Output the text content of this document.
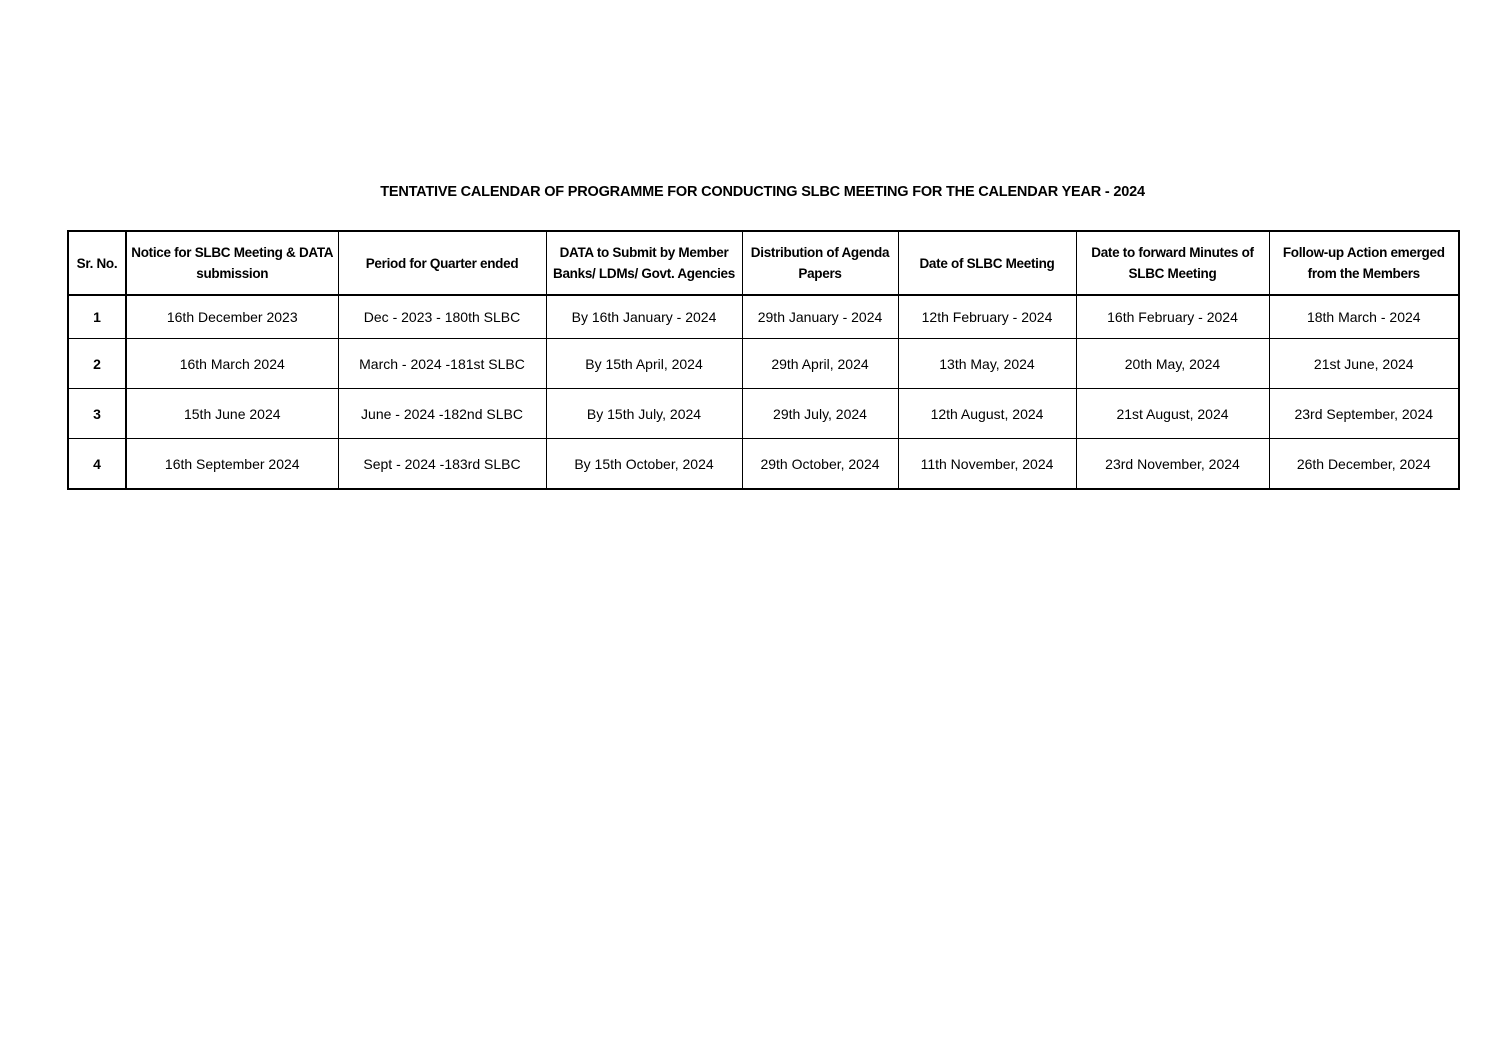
TENTATIVE CALENDAR OF PROGRAMME FOR CONDUCTING SLBC MEETING FOR THE CALENDAR YEAR - 2024
Sr. No.	Notice for SLBC Meeting & DATA submission	Period for Quarter ended	DATA to Submit by Member Banks/ LDMs/ Govt. Agencies	Distribution of Agenda Papers	Date of SLBC Meeting	Date to forward Minutes of SLBC Meeting	Follow-up Action emerged from the Members
1	16th December 2023	Dec - 2023 - 180th SLBC	By 16th January - 2024	29th January - 2024	12th February - 2024	16th February - 2024	18th March - 2024
2	16th March 2024	March - 2024 -181st SLBC	By 15th April, 2024	29th April, 2024	13th May, 2024	20th May, 2024	21st June, 2024
3	15th June 2024	June - 2024 -182nd SLBC	By 15th July, 2024	29th July, 2024	12th August, 2024	21st August, 2024	23rd September, 2024
4	16th September 2024	Sept - 2024 -183rd SLBC	By 15th October, 2024	29th October, 2024	11th November, 2024	23rd November, 2024	26th December, 2024
